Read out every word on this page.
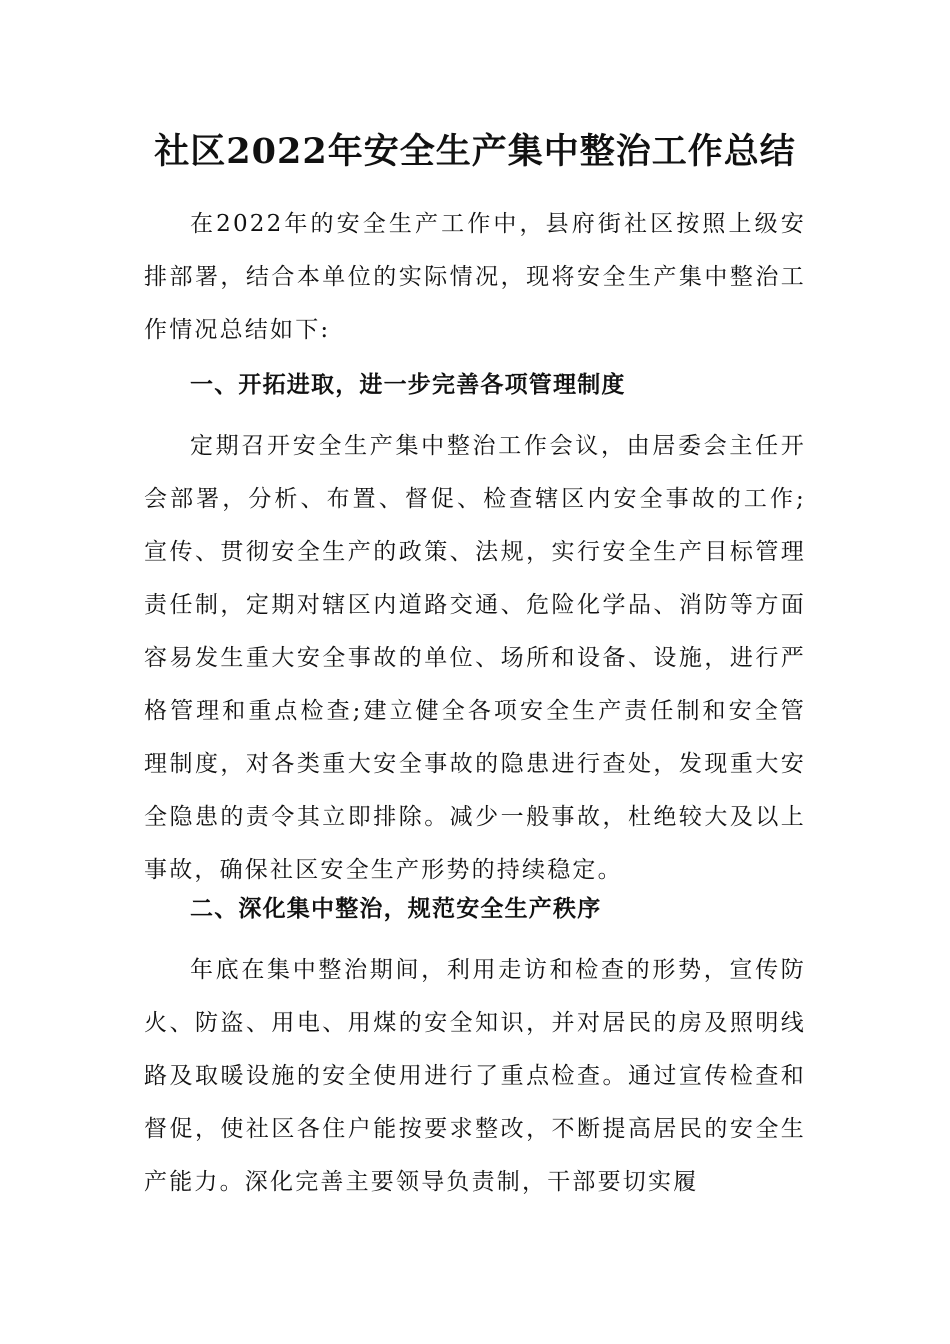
社区2022年安全生产集中整治工作总结

在2022年的安全生产工作中，县府街社区按照上级安排部署，结合本单位的实际情况，现将安全生产集中整治工作情况总结如下:

一、开拓进取，进一步完善各项管理制度

定期召开安全生产集中整治工作会议，由居委会主任开会部署，分析、布置、督促、检查辖区内安全事故的工作;宣传、贯彻安全生产的政策、法规，实行安全生产目标管理责任制，定期对辖区内道路交通、危险化学品、消防等方面容易发生重大安全事故的单位、场所和设备、设施，进行严格管理和重点检查;建立健全各项安全生产责任制和安全管理制度，对各类重大安全事故的隐患进行查处，发现重大安全隐患的责令其立即排除。减少一般事故，杜绝较大及以上事故，确保社区安全生产形势的持续稳定。

二、深化集中整治，规范安全生产秩序

年底在集中整治期间，利用走访和检查的形势，宣传防火、防盗、用电、用煤的安全知识，并对居民的房及照明线路及取暖设施的安全使用进行了重点检查。通过宣传检查和督促，使社区各住户能按要求整改，不断提高居民的安全生产能力。深化完善主要领导负责制，干部要切实履
